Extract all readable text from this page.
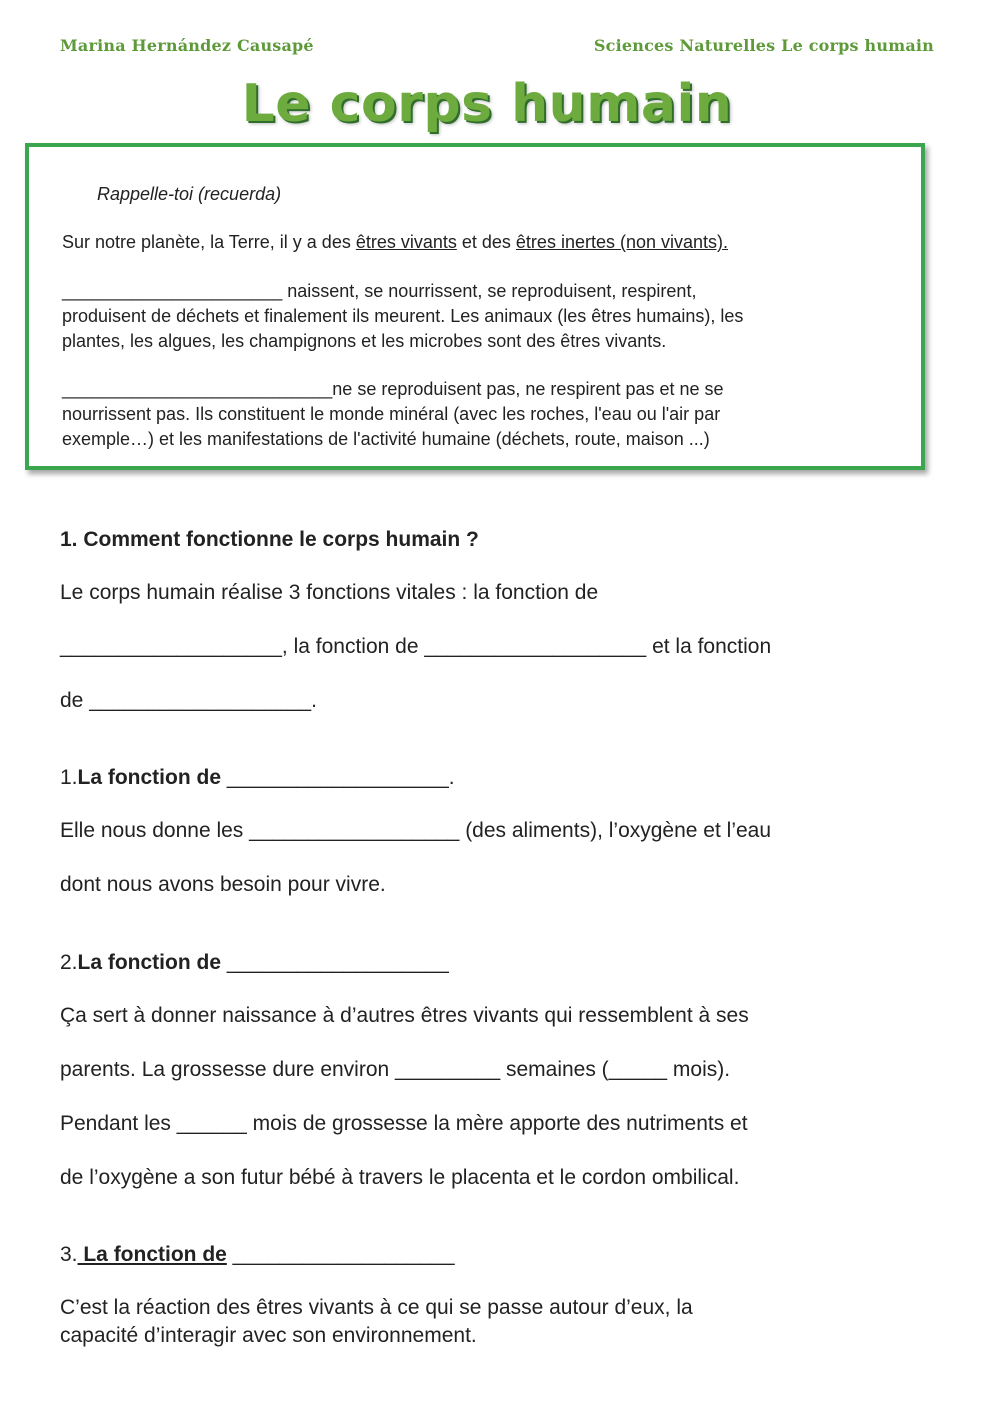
Marina Hernández Causapé	Sciences Naturelles Le corps humain
Le corps humain
Rappelle-toi (recuerda)
Sur notre planète, la Terre, il y a des êtres vivants et des êtres inertes (non vivants).
______________________ naissent, se nourrissent, se reproduisent, respirent,
produisent de déchets et finalement ils meurent. Les animaux (les êtres humains), les
plantes, les algues, les champignons et les microbes sont des êtres vivants.
___________________________ne se reproduisent pas, ne respirent pas et ne se
nourrissent pas. Ils constituent le monde minéral (avec les roches, l'eau ou l'air par
exemple…) et les manifestations de l'activité humaine (déchets, route, maison ...)
1. Comment fonctionne le corps humain ?
Le corps humain réalise 3 fonctions vitales : la fonction de
___________________, la fonction de ___________________ et la fonction
de ___________________.
1.La fonction de ___________________.
Elle nous donne les __________________ (des aliments), l’oxygène et l’eau
dont nous avons besoin pour vivre.
2.La fonction de ___________________
Ça sert à donner naissance à d’autres êtres vivants qui ressemblent à ses
parents. La grossesse dure environ _________ semaines (_____ mois).
Pendant les ______ mois de grossesse la mère apporte des nutriments et
de l’oxygène a son futur bébé à travers le placenta et le cordon ombilical.
3. La fonction de ___________________
C’est la réaction des êtres vivants à ce qui se passe autour d’eux, la
capacité d’interagir avec son environnement.
